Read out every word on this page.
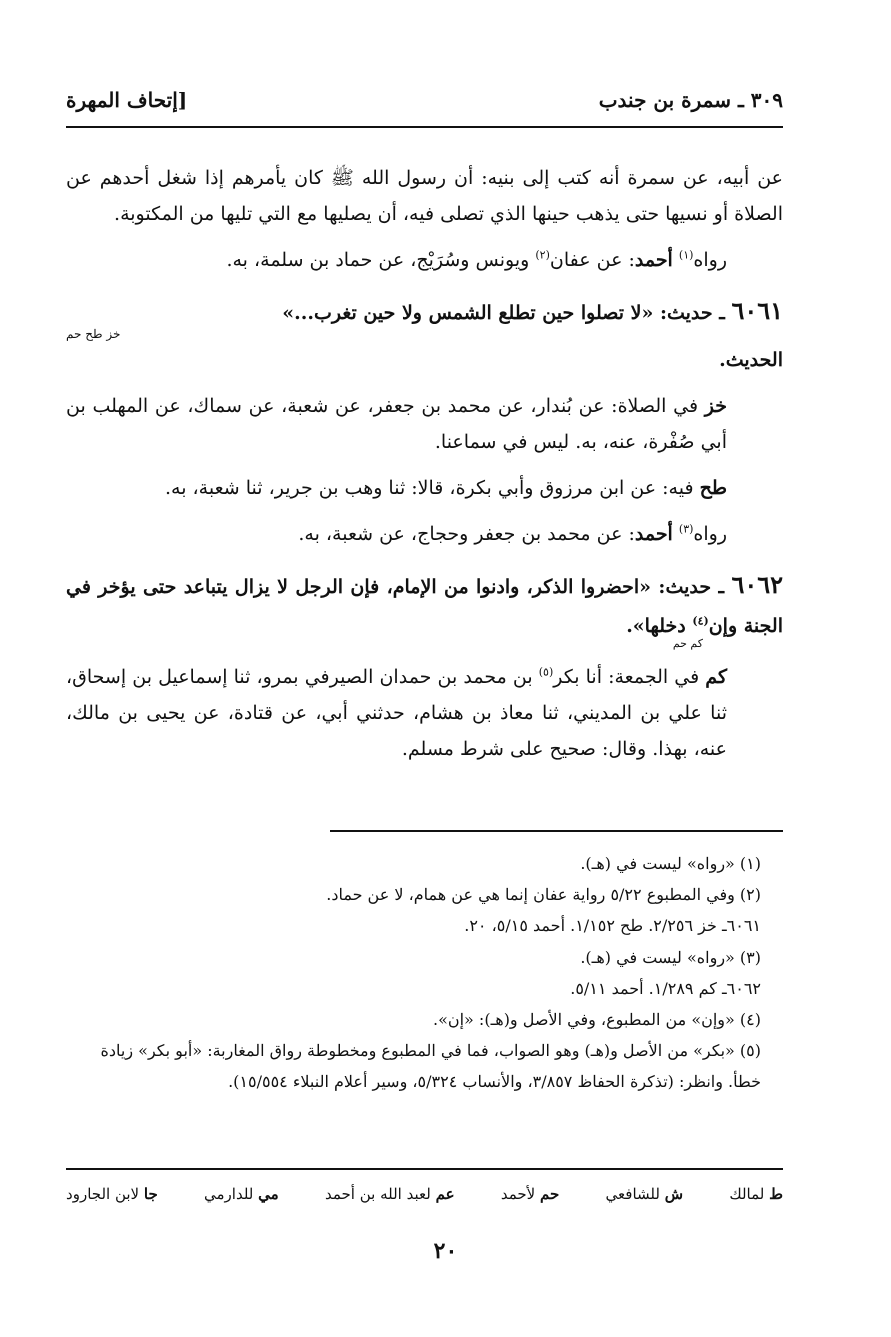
٣٠٩ ـ سمرة بن جندب
[إتحاف المهرة

عن أبيه، عن سمرة أنه كتب إلى بنيه: أن رسول الله ﷺ كان يأمرهم إذا شغل أحدهم عن الصلاة أو نسيها حتى يذهب حينها الذي تصلى فيه، أن يصليها مع التي تليها من المكتوبة.

رواه$^{(١)}$ أحمد: عن عفان$^{(٢)}$ ويونس وسُرَيْج، عن حماد بن سلمة، به.

٦٠٦١ ـ حديث: «لا تصلوا حين تطلع الشمس ولا حين تغرب...»
خز طح حم
الحديث.

خز في الصلاة: عن بُندار، عن محمد بن جعفر، عن شعبة، عن سماك، عن المهلب بن أبي صُفْرة، عنه، به. ليس في سماعنا.

طح فيه: عن ابن مرزوق وأبي بكرة، قالا: ثنا وهب بن جرير، ثنا شعبة، به.

رواه$^{(٣)}$ أحمد: عن محمد بن جعفر وحجاج، عن شعبة، به.

٦٠٦٢ ـ حديث: «احضروا الذكر، وادنوا من الإمام، فإن الرجل لا يزال يتباعد حتى يؤخر في الجنة وإن$^{(٤)}$ دخلها».
كم حم

كم في الجمعة: أنا بكر$^{(٥)}$ بن محمد بن حمدان الصيرفي بمرو، ثنا إسماعيل بن إسحاق، ثنا علي بن المديني، ثنا معاذ بن هشام، حدثني أبي، عن قتادة، عن يحيى بن مالك، عنه، بهذا. وقال: صحيح على شرط مسلم.

(١) «رواه» ليست في (هـ).

(٢) وفي المطبوع ٥/٢٢ رواية عفان إنما هي عن همام، لا عن حماد.

٦٠٦١ـ خز ٢/٢٥٦. طح ١/١٥٢. أحمد ٥/١٥، ٢٠.

(٣) «رواه» ليست في (هـ).

٦٠٦٢ـ كم ١/٢٨٩. أحمد ٥/١١.

(٤) «وإن» من المطبوع، وفي الأصل و(هـ): «إن».

(٥) «بكر» من الأصل و(هـ) وهو الصواب، فما في المطبوع ومخطوطة رواق المغاربة: «أبو بكر» زيادة خطأ. وانظر: (تذكرة الحفاظ ٣/٨٥٧، والأنساب ٥/٣٢٤، وسير أعلام النبلاء ١٥/٥٥٤).

ط لمالك
ش للشافعي
حم لأحمد
عم لعبد الله بن أحمد
مي للدارمي
جا لابن الجارود
٢٠
